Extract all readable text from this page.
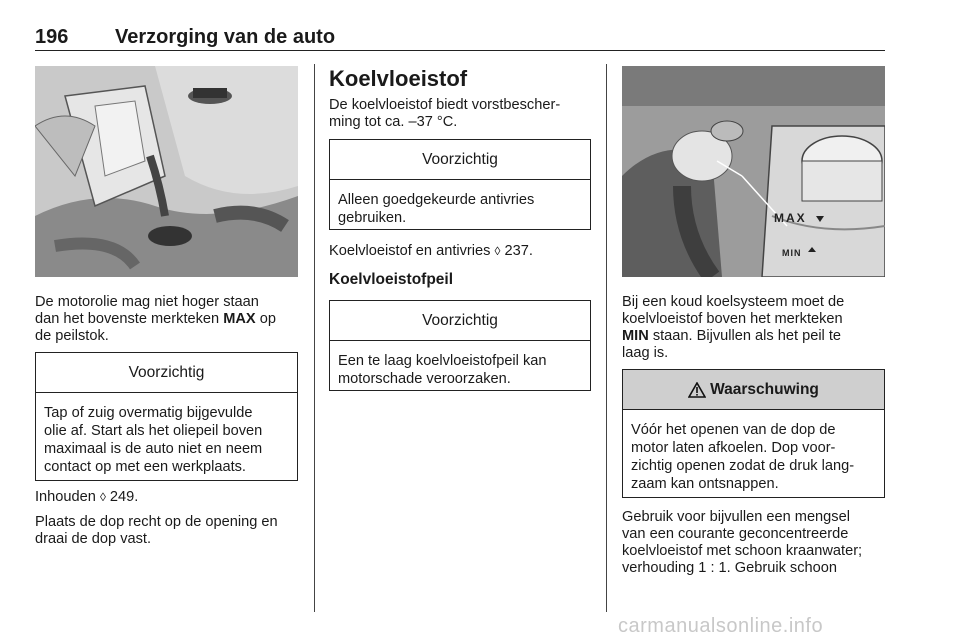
196 Verzorging van de auto
De motorolie mag niet hoger staan
dan het bovenste merkteken MAX op
de peilstok.
Voorzichtig
Tap of zuig overmatig bijgevulde
olie af. Start als het oliepeil boven
maximaal is de auto niet en neem
contact op met een werkplaats.
Inhouden ◊ 249.
Plaats de dop recht op de opening en
draai de dop vast.
Koelvloeistof
De koelvloeistof biedt vorstbescher-
ming tot ca. –37 °C.
Voorzichtig
Alleen goedgekeurde antivries
gebruiken.
Koelvloeistof en antivries ◊ 237.
Koelvloeistofpeil
Voorzichtig
Een te laag koelvloeistofpeil kan
motorschade veroorzaken.
MAX
MIN
Bij een koud koelsysteem moet de
koelvloeistof boven het merkteken
MIN staan. Bijvullen als het peil te
laag is.
Waarschuwing
Vóór het openen van de dop de
motor laten afkoelen. Dop voor-
zichtig openen zodat de druk lang-
zaam kan ontsnappen.
Gebruik voor bijvullen een mengsel
van een courante geconcentreerde
koelvloeistof met schoon kraanwater;
verhouding 1 : 1. Gebruik schoon
carmanualsonline.info
